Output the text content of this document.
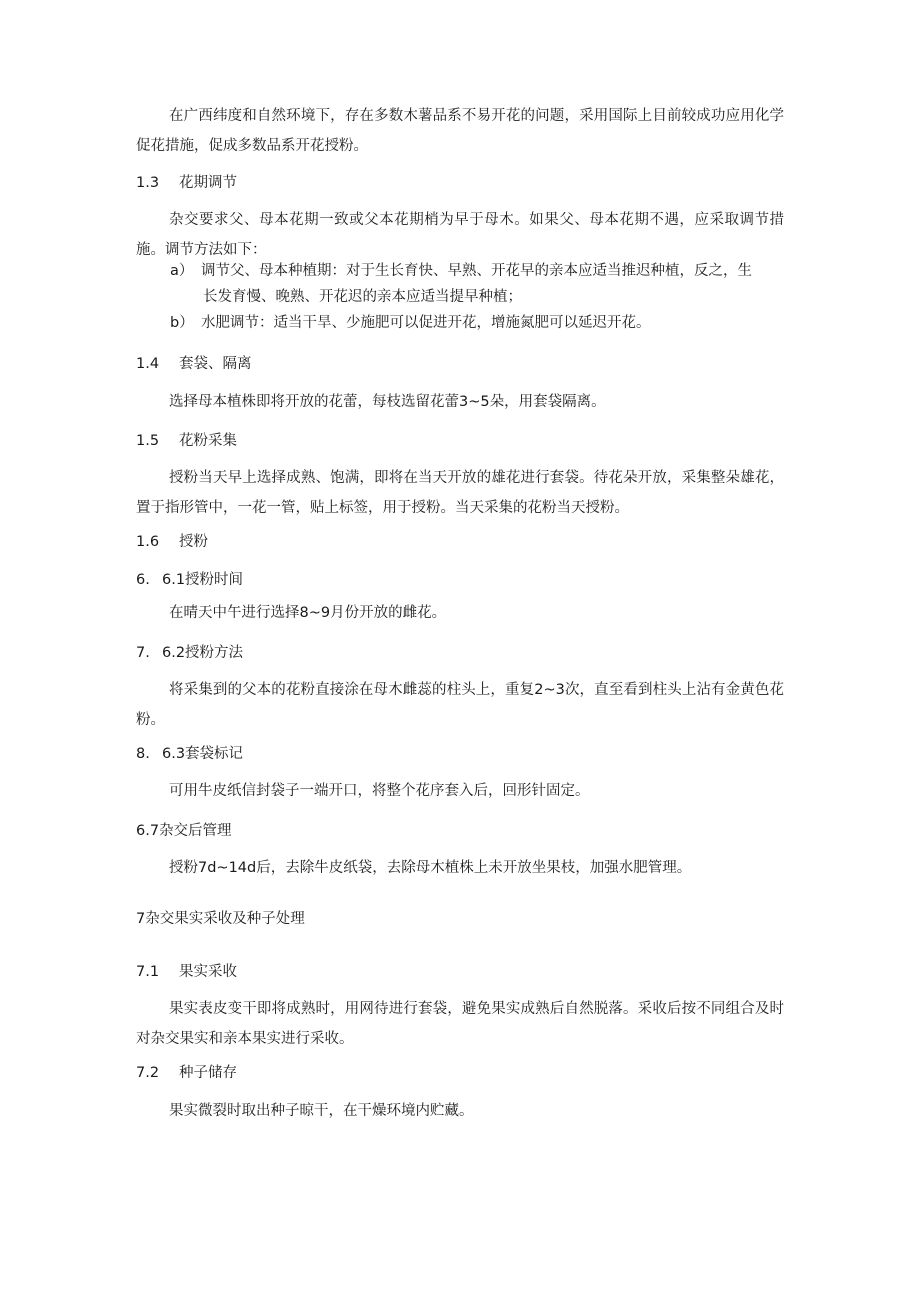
在广西纬度和自然环境下，存在多数木薯品系不易开花的问题，采用国际上目前较成功应用化学促花措施，促成多数品系开花授粉。

1.3 花期调节

杂交要求父、母本花期一致或父本花期梢为早于母木。如果父、母本花期不遇，应采取调节措施。调节方法如下：

a） 调节父、母本种植期：对于生长育快、早熟、开花早的亲本应适当推迟种植，反之，生
长发育慢、晚熟、开花迟的亲本应适当提早种植；
b） 水肥调节：适当干旱、少施肥可以促进开花，增施氮肥可以延迟开花。

1.4 套袋、隔离

选择母本植株即将开放的花蕾，每枝选留花蕾3~5朵，用套袋隔离。

1.5 花粉采集

授粉当天早上选择成熟、饱满，即将在当天开放的雄花进行套袋。待花朵开放，采集整朵雄花，置于指形管中，一花一管，贴上标签，用于授粉。当天采集的花粉当天授粉。

1.6 授粉

6. 6.1授粉时间

在晴天中午进行选择8~9月份开放的雌花。

7. 6.2授粉方法

将采集到的父本的花粉直接涂在母木雌蕊的柱头上，重复2~3次，直至看到柱头上沾有金黄色花粉。

8. 6.3套袋标记

可用牛皮纸信封袋子一端开口，将整个花序套入后，回形针固定。

6.7杂交后管理

授粉7d~14d后，去除牛皮纸袋，去除母木植株上未开放坐果枝，加强水肥管理。

7杂交果实采收及种子处理

7.1 果实采收

果实表皮变干即将成熟时，用网待进行套袋，避免果实成熟后自然脱落。采收后按不同组合及时对杂交果实和亲本果实进行采收。

7.2 种子储存

果实微裂时取出种子晾干，在干燥环境内贮藏。
